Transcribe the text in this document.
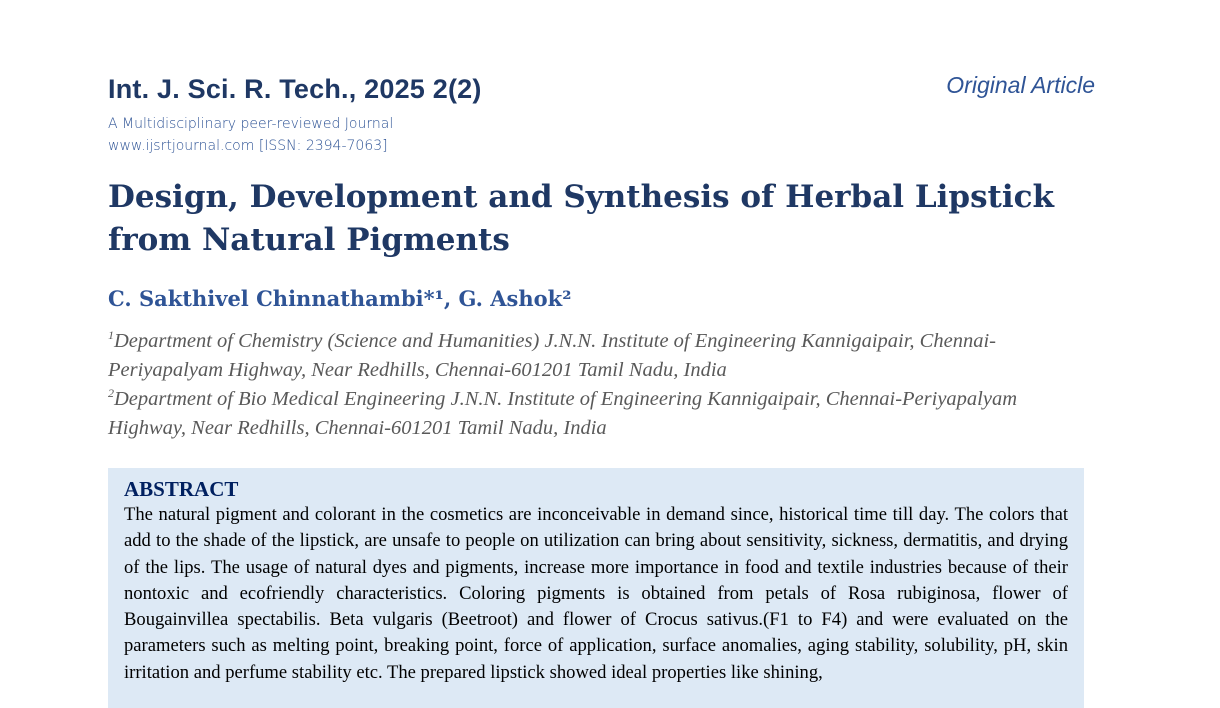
Int. J. Sci. R. Tech., 2025 2(2)	Original Article
A Multidisciplinary peer-reviewed Journal
www.ijsrtjournal.com [ISSN: 2394-7063]
Design, Development and Synthesis of Herbal Lipstick from Natural Pigments
C. Sakthivel Chinnathambi*¹, G. Ashok²
$^1$Department of Chemistry (Science and Humanities) J.N.N. Institute of Engineering Kannigaipair, Chennai-Periyapalyam Highway, Near Redhills, Chennai-601201 Tamil Nadu, India
$^2$Department of Bio Medical Engineering J.N.N. Institute of Engineering Kannigaipair, Chennai-Periyapalyam Highway, Near Redhills, Chennai-601201 Tamil Nadu, India
ABSTRACT

The natural pigment and colorant in the cosmetics are inconceivable in demand since, historical time till day. The colors that add to the shade of the lipstick, are unsafe to people on utilization can bring about sensitivity, sickness, dermatitis, and drying of the lips. The usage of natural dyes and pigments, increase more importance in food and textile industries because of their nontoxic and ecofriendly characteristics. Coloring pigments is obtained from petals of Rosa rubiginosa, flower of Bougainvillea spectabilis. Beta vulgaris (Beetroot) and flower of Crocus sativus.(F1 to F4) and were evaluated on the parameters such as melting point, breaking point, force of application, surface anomalies, aging stability, solubility, pH, skin irritation and perfume stability etc. The prepared lipstick showed ideal properties like shining,
